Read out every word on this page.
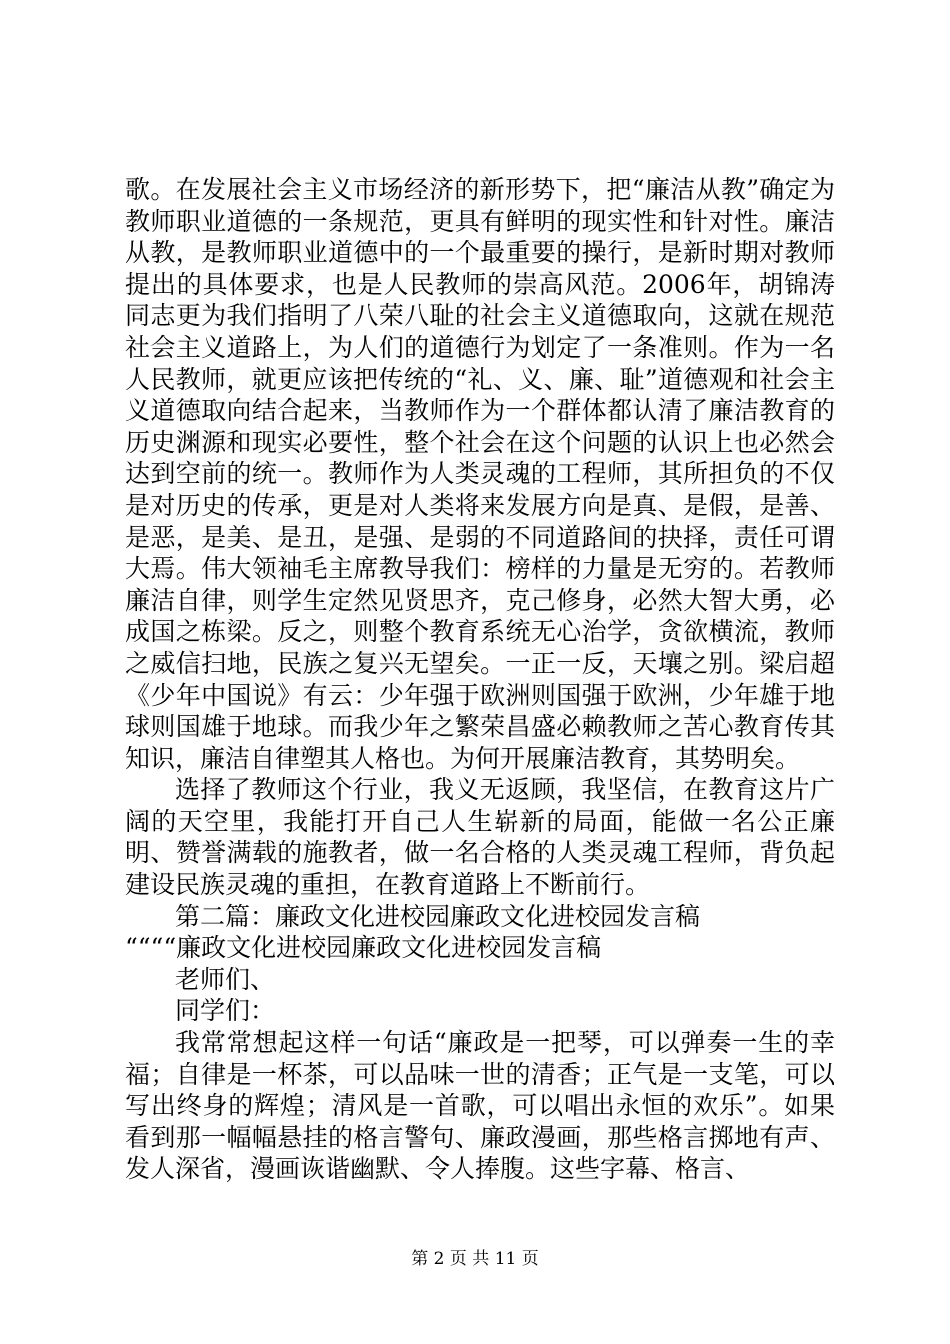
歌。在发展社会主义市场经济的新形势下，把“廉洁从教”确定为教师职业道德的一条规范，更具有鲜明的现实性和针对性。廉洁从教，是教师职业道德中的一个最重要的操行，是新时期对教师提出的具体要求，也是人民教师的崇高风范。2006年，胡锦涛同志更为我们指明了八荣八耻的社会主义道德取向，这就在规范社会主义道路上，为人们的道德行为划定了一条准则。作为一名人民教师，就更应该把传统的“礼、义、廉、耻”道德观和社会主义道德取向结合起来，当教师作为一个群体都认清了廉洁教育的历史渊源和现实必要性，整个社会在这个问题的认识上也必然会达到空前的统一。教师作为人类灵魂的工程师，其所担负的不仅是对历史的传承，更是对人类将来发展方向是真、是假，是善、是恶，是美、是丑，是强、是弱的不同道路间的抉择，责任可谓大焉。伟大领袖毛主席教导我们：榜样的力量是无穷的。若教师廉洁自律，则学生定然见贤思齐，克己修身，必然大智大勇，必成国之栋梁。反之，则整个教育系统无心治学，贪欲横流，教师之威信扫地，民族之复兴无望矣。一正一反，天壤之别。梁启超《少年中国说》有云：少年强于欧洲则国强于欧洲，少年雄于地球则国雄于地球。而我少年之繁荣昌盛必赖教师之苦心教育传其知识，廉洁自律塑其人格也。为何开展廉洁教育，其势明矣。

选择了教师这个行业，我义无返顾，我坚信，在教育这片广阔的天空里，我能打开自己人生崭新的局面，能做一名公正廉明、赞誉满载的施教者，做一名合格的人类灵魂工程师，背负起建设民族灵魂的重担，在教育道路上不断前行。

第二篇：廉政文化进校园廉政文化进校园发言稿

““““廉政文化进校园廉政文化进校园发言稿

老师们、

同学们：

我常常想起这样一句话“廉政是一把琴，可以弹奏一生的幸福；自律是一杯茶，可以品味一世的清香；正气是一支笔，可以写出终身的辉煌；清风是一首歌，可以唱出永恒的欢乐”。如果看到那一幅幅悬挂的格言警句、廉政漫画，那些格言掷地有声、发人深省，漫画诙谐幽默、令人捧腹。这些字幕、格言、

第 2 页 共 11 页
